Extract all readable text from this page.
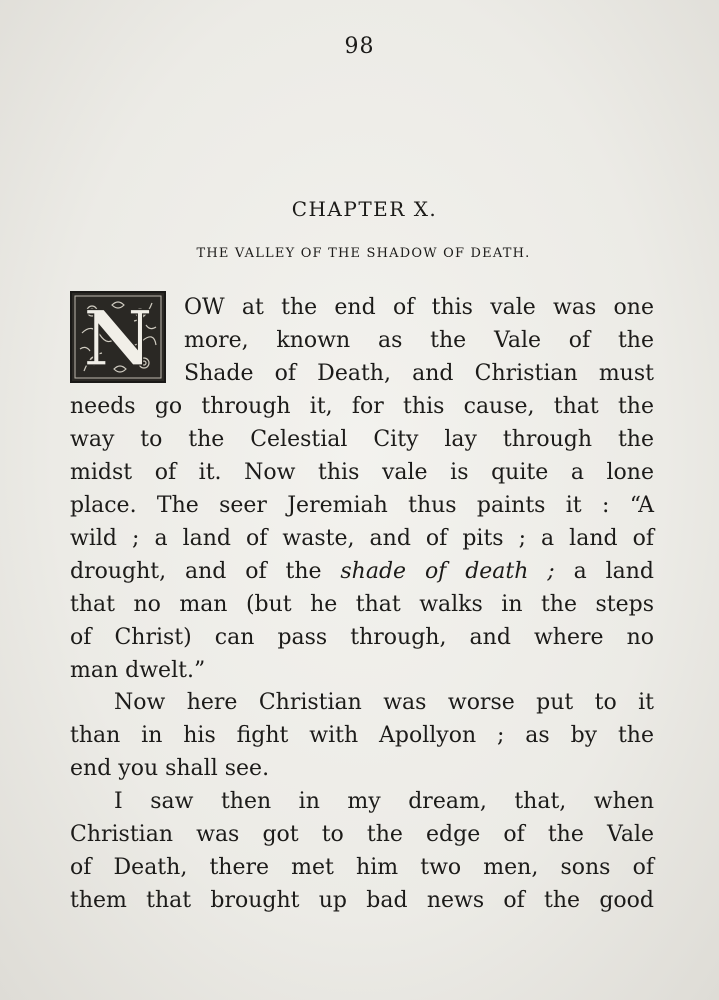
98
CHAPTER X.
THE VALLEY OF THE SHADOW OF DEATH.
N OW at the end of this vale was one
more, known as the Vale of the
Shade of Death, and Christian must
needs go through it, for this cause, that the
way to the Celestial City lay through the
midst of it. Now this vale is quite a lone
place. The seer Jeremiah thus paints it : “A
wild ; a land of waste, and of pits ; a land of
drought, and of the shade of death ; a land
that no man (but he that walks in the steps
of Christ) can pass through, and where no
man dwelt.”
Now here Christian was worse put to it
than in his fight with Apollyon ; as by the
end you shall see.
I saw then in my dream, that, when
Christian was got to the edge of the Vale
of Death, there met him two men, sons of
them that brought up bad news of the good
